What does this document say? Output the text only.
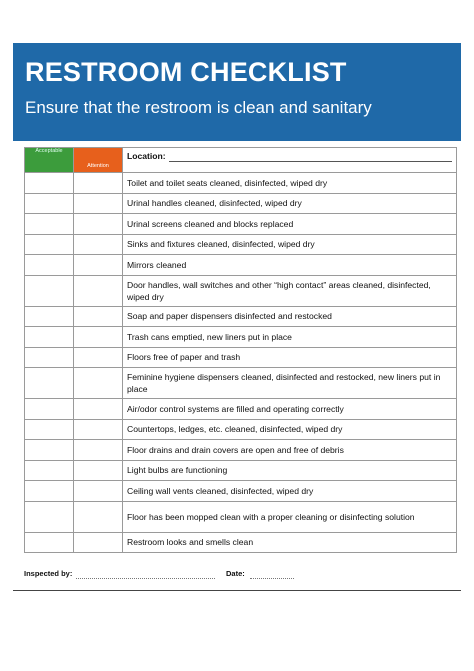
RESTROOM CHECKLIST
Ensure that the restroom is clean and sanitary
Acceptable	Attention	Location:

		Toilet and toilet seats cleaned, disinfected, wiped dry
		Urinal handles cleaned, disinfected, wiped dry
		Urinal screens cleaned and blocks replaced
		Sinks and fixtures cleaned, disinfected, wiped dry
		Mirrors cleaned
		Door handles, wall switches and other “high contact” areas cleaned, disinfected, wiped dry
		Soap and paper dispensers disinfected and restocked
		Trash cans emptied, new liners put in place
		Floors free of paper and trash
		Feminine hygiene dispensers cleaned, disinfected and restocked, new liners put in place
		Air/odor control systems are filled and operating correctly
		Countertops, ledges, etc. cleaned, disinfected, wiped dry
		Floor drains and drain covers are open and free of debris
		Light bulbs are functioning
		Ceiling wall vents cleaned, disinfected, wiped dry
		Floor has been mopped clean with a proper cleaning or disinfecting solution
		Restroom looks and smells clean
Inspected by:	Date:
